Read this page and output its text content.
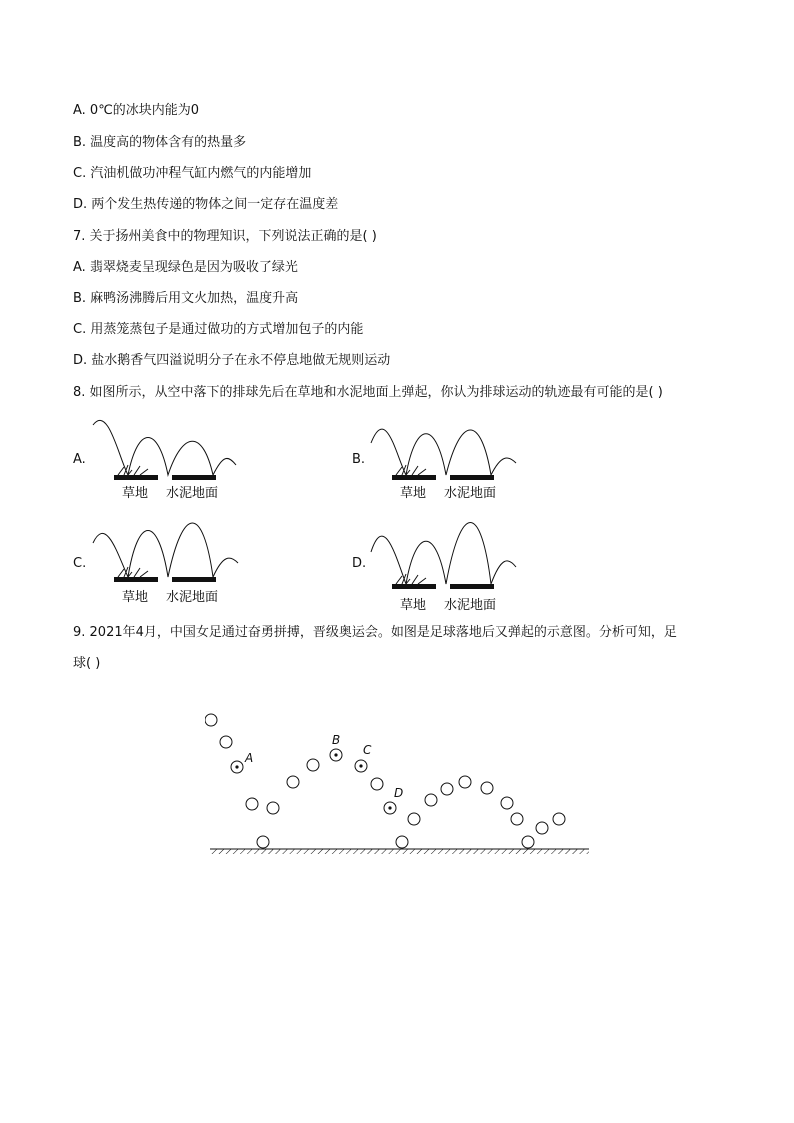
A. 0℃的冰块内能为0
B. 温度高的物体含有的热量多
C. 汽油机做功冲程气缸内燃气的内能增加
D. 两个发生热传递的物体之间一定存在温度差
7. 关于扬州美食中的物理知识，下列说法正确的是( )
A. 翡翠烧麦呈现绿色是因为吸收了绿光
B. 麻鸭汤沸腾后用文火加热，温度升高
C. 用蒸笼蒸包子是通过做功的方式增加包子的内能
D. 盐水鹅香气四溢说明分子在永不停息地做无规则运动
8. 如图所示，从空中落下的排球先后在草地和水泥地面上弹起，你认为排球运动的轨迹最有可能的是( )
A.
草地 水泥地面
B.
草地 水泥地面
C.
草地 水泥地面
D.
草地 水泥地面
9. 2021年4月，中国女足通过奋勇拼搏，晋级奥运会。如图是足球落地后又弹起的示意图。分析可知，足
球( )
A
B
C
D
